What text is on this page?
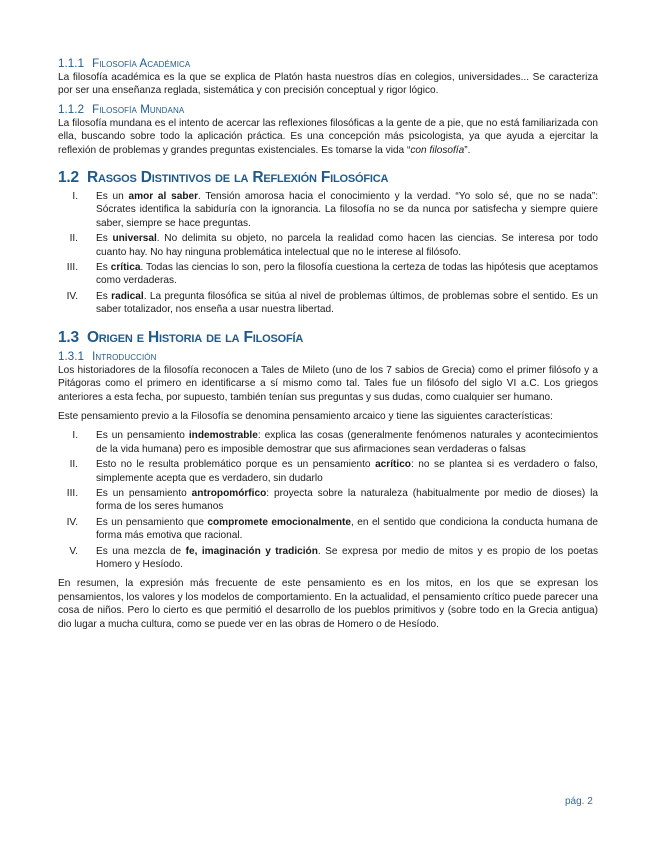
1.1.1 Filosofía Académica

La filosofía académica es la que se explica de Platón hasta nuestros días en colegios, universidades... Se caracteriza por ser una enseñanza reglada, sistemática y con precisión conceptual y rigor lógico.

1.1.2 Filosofía Mundana

La filosofía mundana es el intento de acercar las reflexiones filosóficas a la gente de a pie, que no está familiarizada con ella, buscando sobre todo la aplicación práctica. Es una concepción más psicologista, ya que ayuda a ejercitar la reflexión de problemas y grandes preguntas existenciales. Es tomarse la vida “con filosofía”.

1.2 Rasgos Distintivos de la Reflexión Filosófica
I. Es un amor al saber. Tensión amorosa hacia el conocimiento y la verdad. “Yo solo sé, que no se nada”: Sócrates identifica la sabiduría con la ignorancia. La filosofía no se da nunca por satisfecha y siempre quiere saber, siempre se hace preguntas.
II. Es universal. No delimita su objeto, no parcela la realidad como hacen las ciencias. Se interesa por todo cuanto hay. No hay ninguna problemática intelectual que no le interese al filósofo.
III. Es crítica. Todas las ciencias lo son, pero la filosofía cuestiona la certeza de todas las hipótesis que aceptamos como verdaderas.
IV. Es radical. La pregunta filosófica se sitúa al nivel de problemas últimos, de problemas sobre el sentido. Es un saber totalizador, nos enseña a usar nuestra libertad.
1.3 Origen e Historia de la Filosofía
1.3.1 Introducción

Los historiadores de la filosofía reconocen a Tales de Mileto (uno de los 7 sabios de Grecia) como el primer filósofo y a Pitágoras como el primero en identificarse a sí mismo como tal. Tales fue un filósofo del siglo VI a.C. Los griegos anteriores a esta fecha, por supuesto, también tenían sus preguntas y sus dudas, como cualquier ser humano.

Este pensamiento previo a la Filosofía se denomina pensamiento arcaico y tiene las siguientes características:

I. Es un pensamiento indemostrable: explica las cosas (generalmente fenómenos naturales y acontecimientos de la vida humana) pero es imposible demostrar que sus afirmaciones sean verdaderas o falsas
II. Esto no le resulta problemático porque es un pensamiento acrítico: no se plantea si es verdadero o falso, simplemente acepta que es verdadero, sin dudarlo
III. Es un pensamiento antropomórfico: proyecta sobre la naturaleza (habitualmente por medio de dioses) la forma de los seres humanos
IV. Es un pensamiento que compromete emocionalmente, en el sentido que condiciona la conducta humana de forma más emotiva que racional.
V. Es una mezcla de fe, imaginación y tradición. Se expresa por medio de mitos y es propio de los poetas Homero y Hesíodo.

En resumen, la expresión más frecuente de este pensamiento es en los mitos, en los que se expresan los pensamientos, los valores y los modelos de comportamiento. En la actualidad, el pensamiento crítico puede parecer una cosa de niños. Pero lo cierto es que permitió el desarrollo de los pueblos primitivos y (sobre todo en la Grecia antigua) dio lugar a mucha cultura, como se puede ver en las obras de Homero o de Hesíodo.

pág. 2
